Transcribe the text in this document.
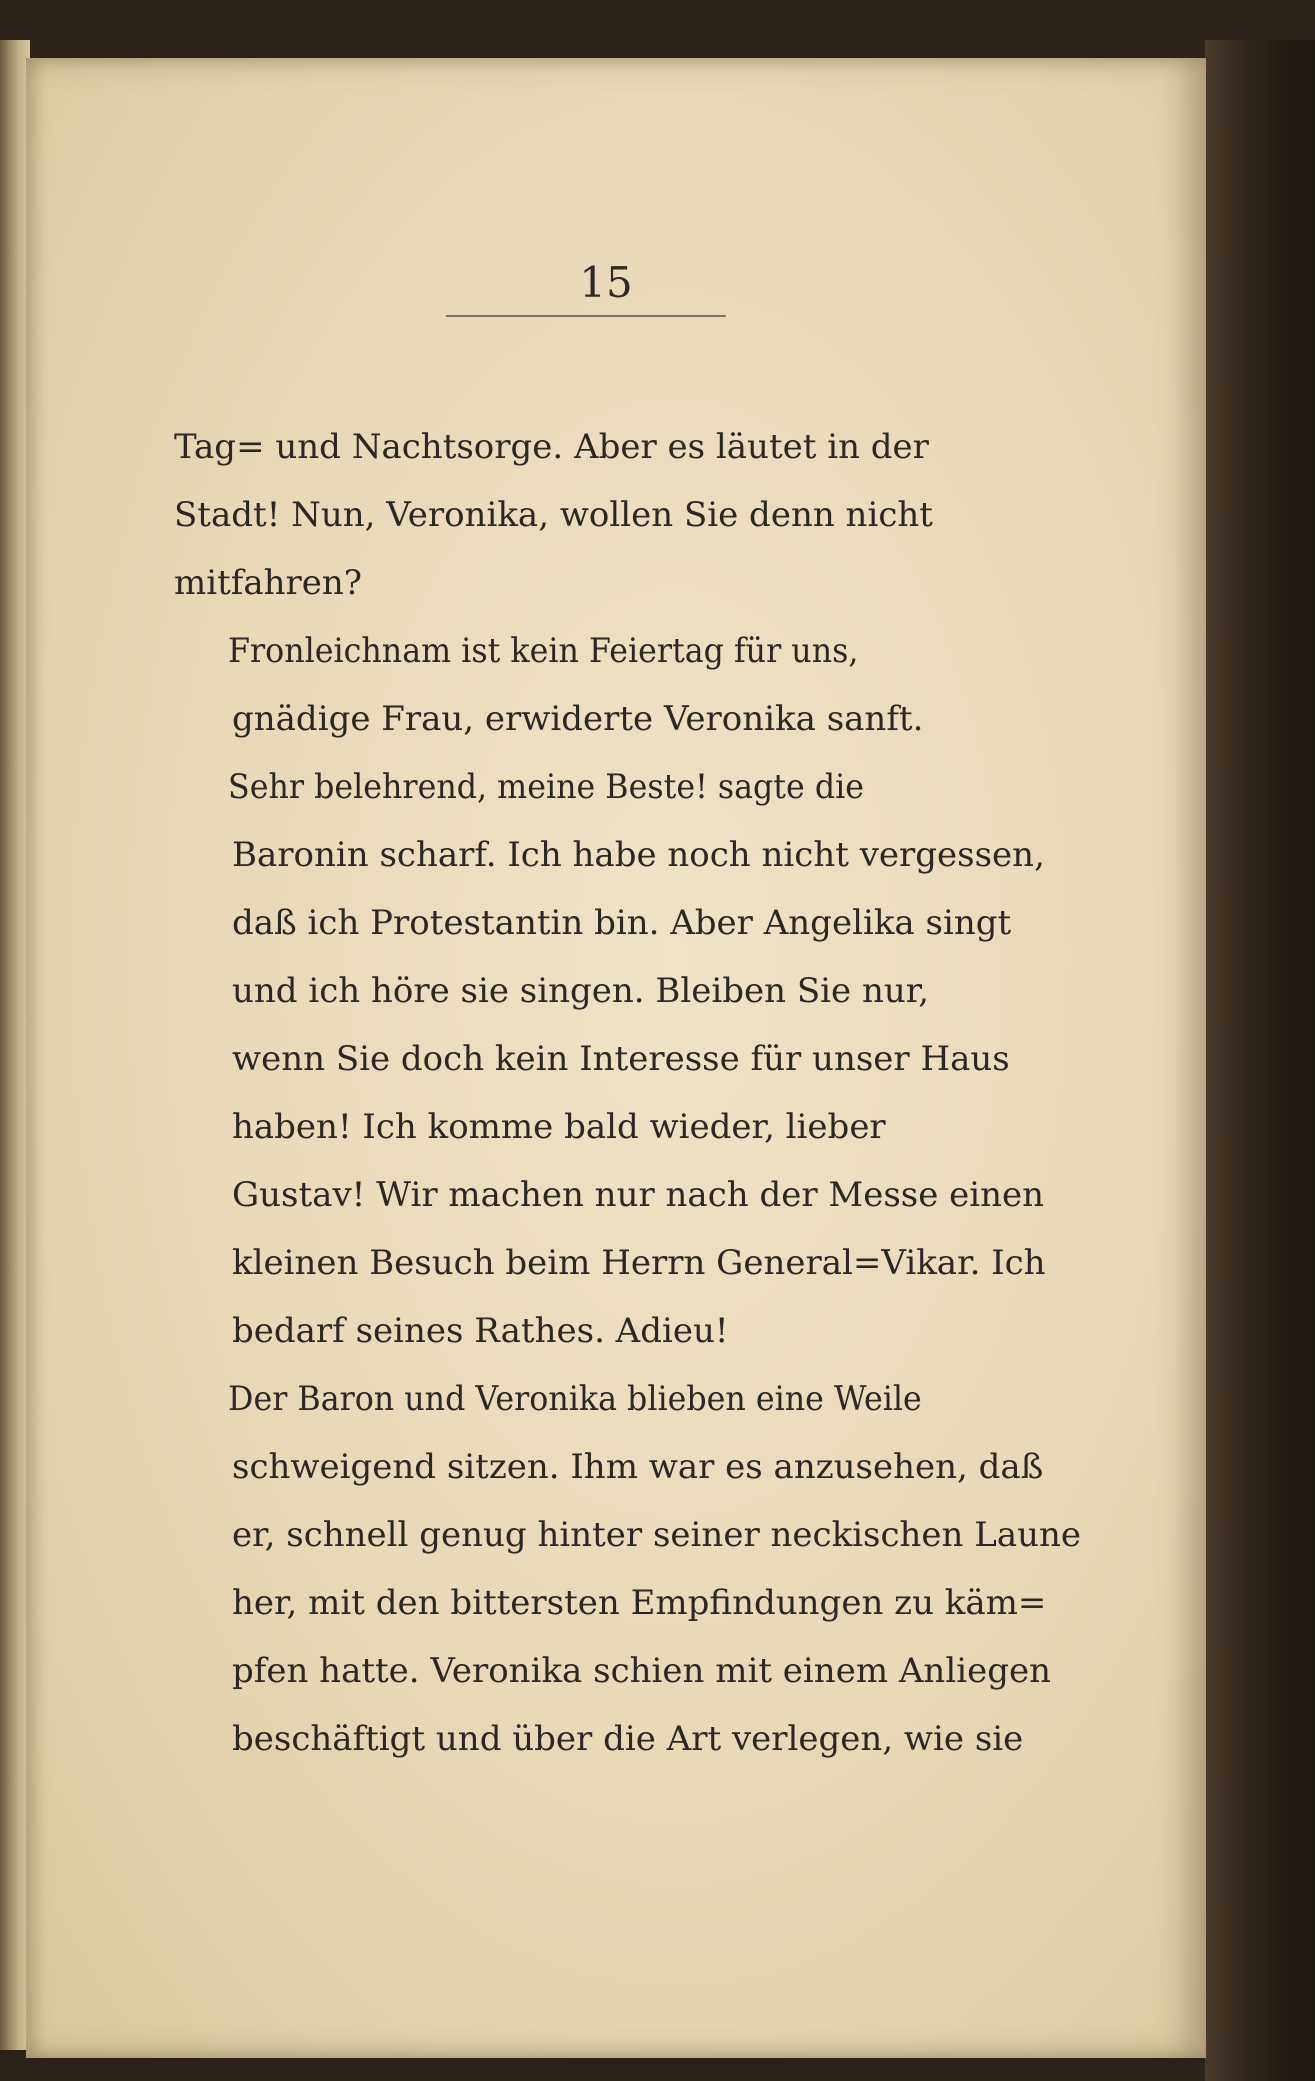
15
Tag= und Nachtsorge. Aber es läutet in der
Stadt! Nun, Veronika, wollen Sie denn nicht
mitfahren?
Fronleichnam ist kein Feiertag für uns,
gnädige Frau, erwiderte Veronika sanft.
Sehr belehrend, meine Beste! sagte die
Baronin scharf. Ich habe noch nicht vergessen,
daß ich Protestantin bin. Aber Angelika singt
und ich höre sie singen. Bleiben Sie nur,
wenn Sie doch kein Interesse für unser Haus
haben! Ich komme bald wieder, lieber
Gustav! Wir machen nur nach der Messe einen
kleinen Besuch beim Herrn General=Vikar. Ich
bedarf seines Rathes. Adieu!
Der Baron und Veronika blieben eine Weile
schweigend sitzen. Ihm war es anzusehen, daß
er, schnell genug hinter seiner neckischen Laune
her, mit den bittersten Empfindungen zu käm=
pfen hatte. Veronika schien mit einem Anliegen
beschäftigt und über die Art verlegen, wie sie
